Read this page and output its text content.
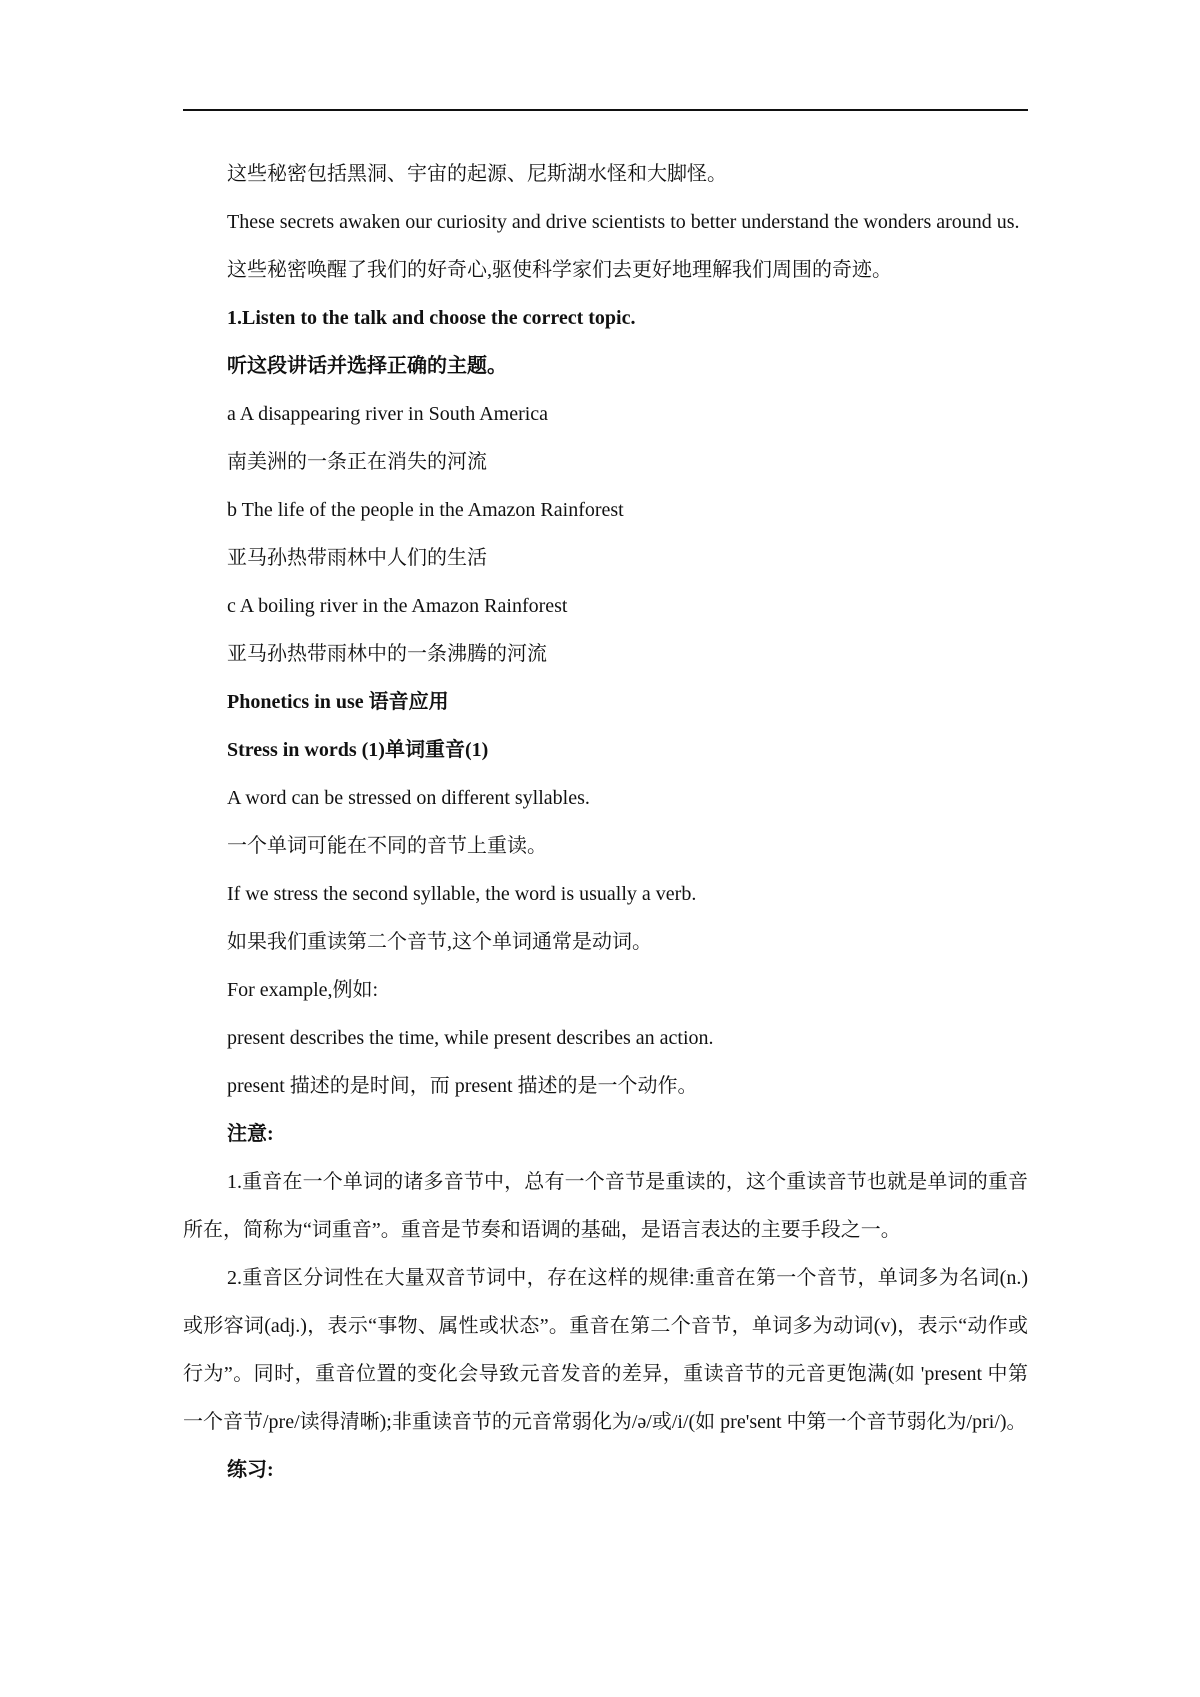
这些秘密包括黑洞、宇宙的起源、尼斯湖水怪和大脚怪。

These secrets awaken our curiosity and drive scientists to better understand the wonders around us.

这些秘密唤醒了我们的好奇心,驱使科学家们去更好地理解我们周围的奇迹。

1.Listen to the talk and choose the correct topic.

听这段讲话并选择正确的主题。

a A disappearing river in South America

南美洲的一条正在消失的河流

b The life of the people in the Amazon Rainforest

亚马孙热带雨林中人们的生活

c A boiling river in the Amazon Rainforest

亚马孙热带雨林中的一条沸腾的河流

Phonetics in use 语音应用

Stress in words (1)单词重音(1)

A word can be stressed on different syllables.

一个单词可能在不同的音节上重读。

If we stress the second syllable, the word is usually a verb.

如果我们重读第二个音节,这个单词通常是动词。

For example,例如:

present describes the time, while present describes an action.

present 描述的是时间，而 present 描述的是一个动作。

注意:

1.重音在一个单词的诸多音节中，总有一个音节是重读的，这个重读音节也就是单词的重音所在，简称为“词重音”。重音是节奏和语调的基础，是语言表达的主要手段之一。

2.重音区分词性在大量双音节词中，存在这样的规律:重音在第一个音节，单词多为名词(n.)或形容词(adj.)，表示“事物、属性或状态”。重音在第二个音节，单词多为动词(v)，表示“动作或行为”。同时，重音位置的变化会导致元音发音的差异，重读音节的元音更饱满(如 'present 中第一个音节/pre/读得清晰);非重读音节的元音常弱化为/ə/或/i/(如 pre'sent 中第一个音节弱化为/pri/)。

练习:
